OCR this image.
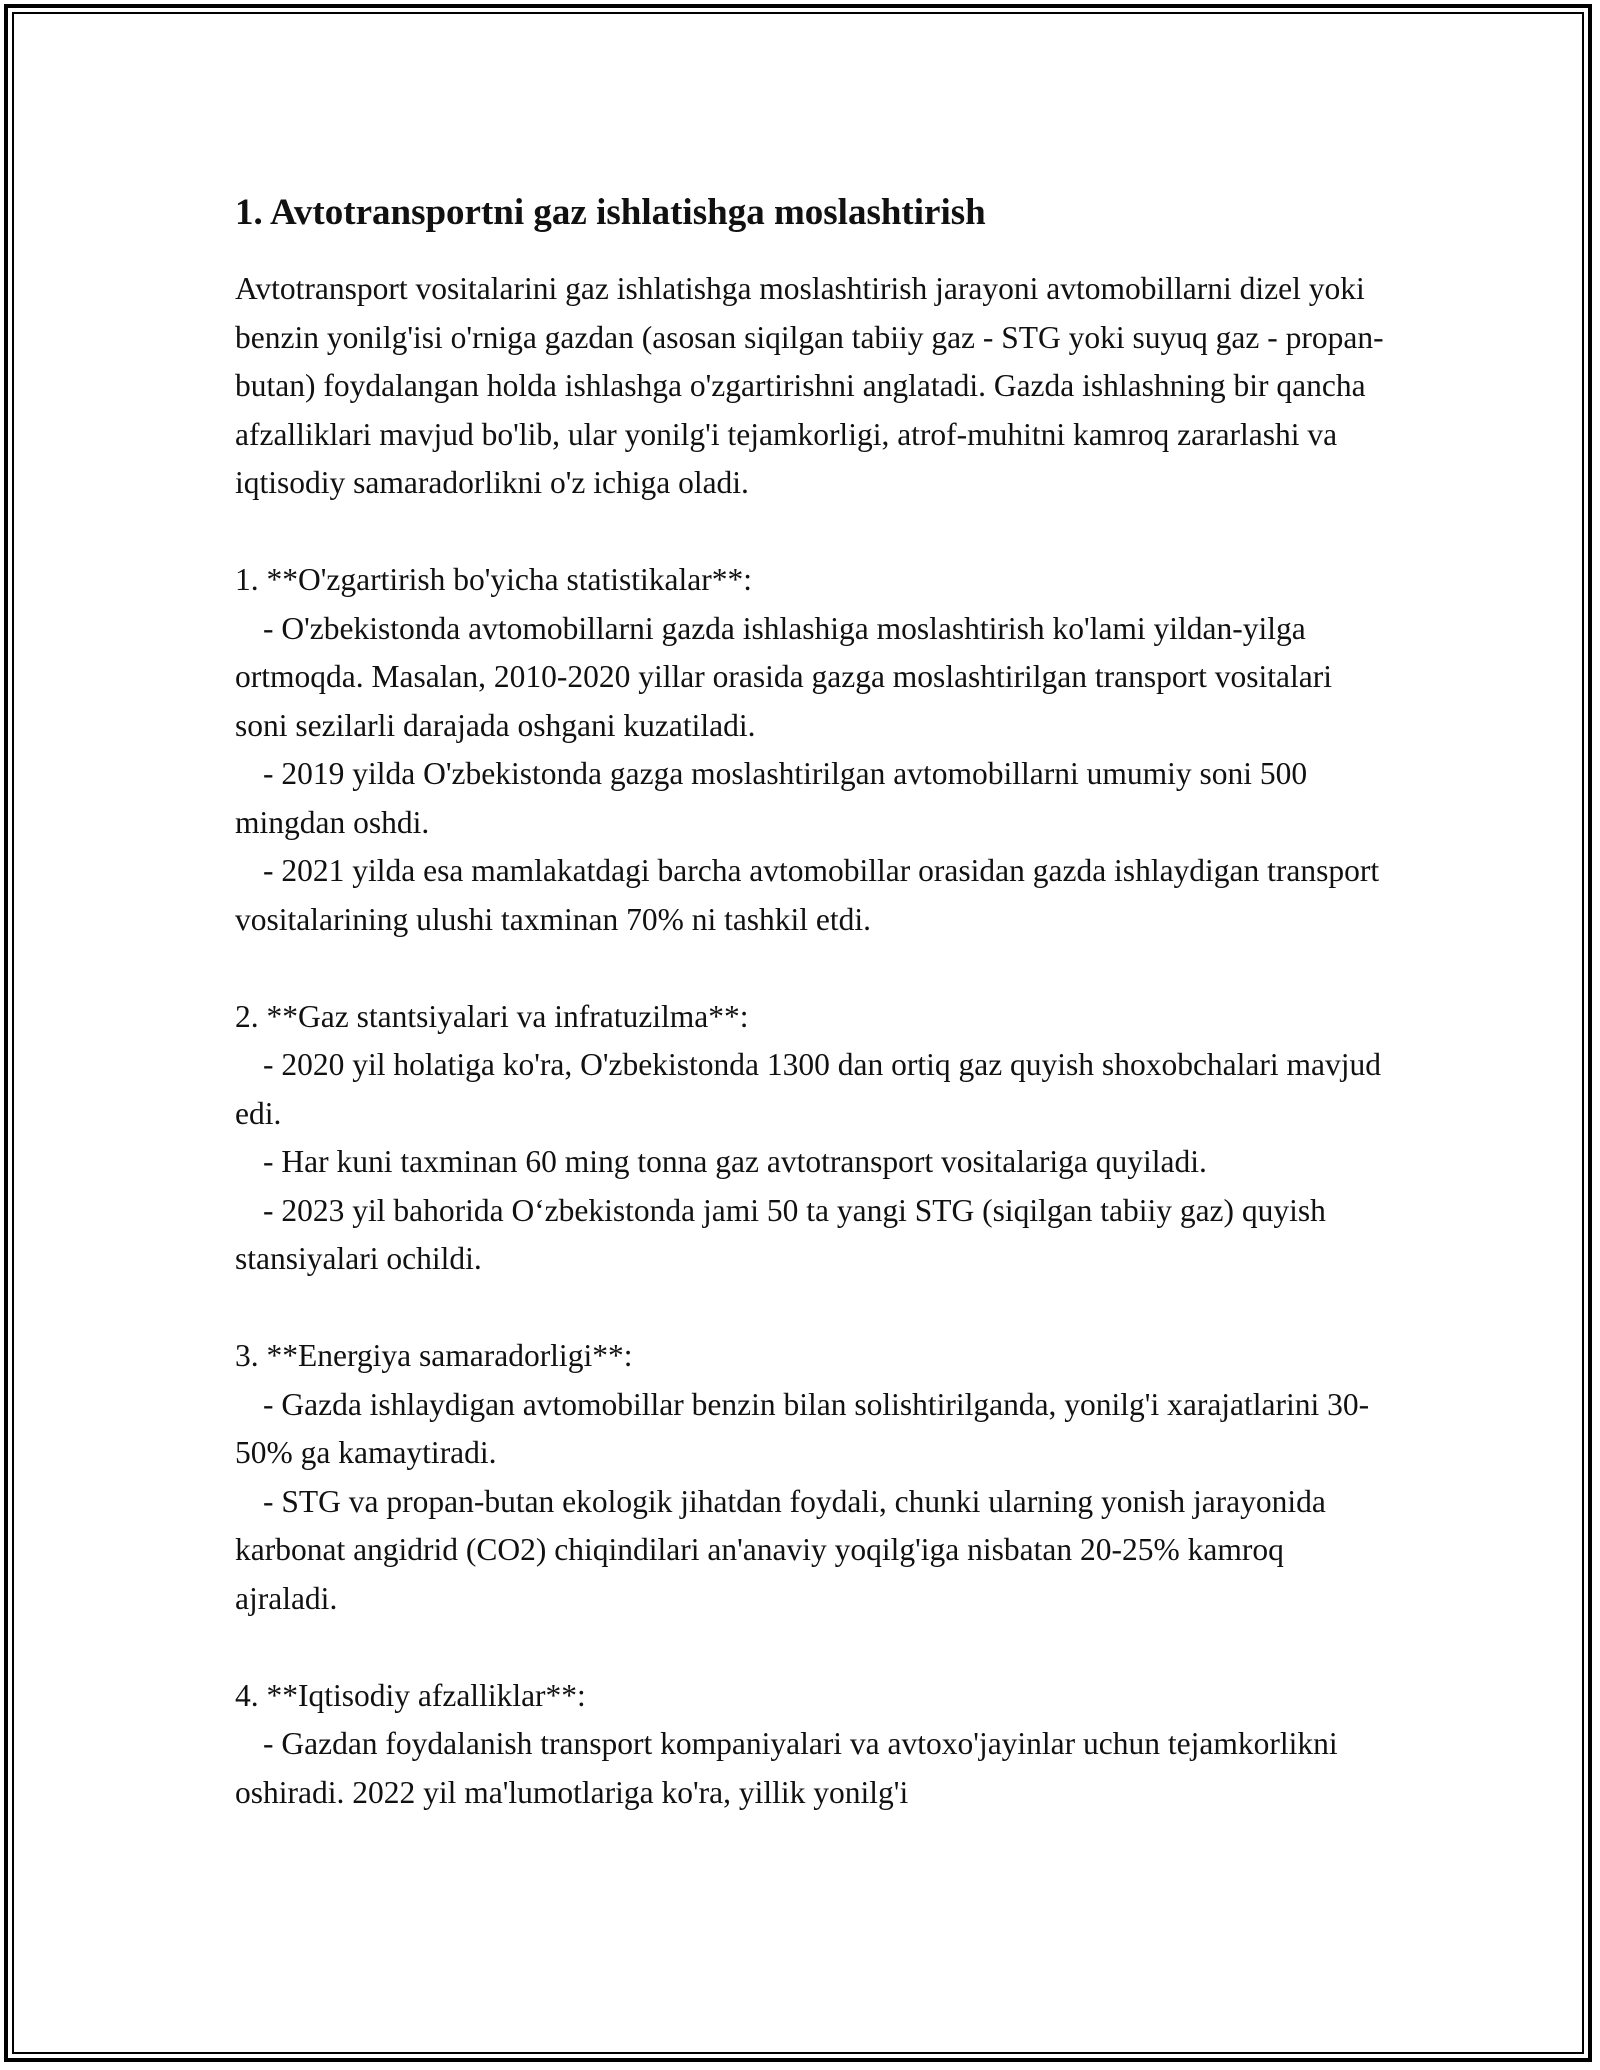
1. Avtotransportni gaz ishlatishga moslashtirish

Avtotransport vositalarini gaz ishlatishga moslashtirish jarayoni avtomobillarni dizel yoki benzin yonilg'isi o'rniga gazdan (asosan siqilgan tabiiy gaz - STG yoki suyuq gaz - propan-butan) foydalangan holda ishlashga o'zgartirishni anglatadi. Gazda ishlashning bir qancha afzalliklari mavjud bo'lib, ular yonilg'i tejamkorligi, atrof-muhitni kamroq zararlashi va iqtisodiy samaradorlikni o'z ichiga oladi.

1. **O'zgartirish bo'yicha statistikalar**:

- O'zbekistonda avtomobillarni gazda ishlashiga moslashtirish ko'lami yildan-yilga ortmoqda. Masalan, 2010-2020 yillar orasida gazga moslashtirilgan transport vositalari soni sezilarli darajada oshgani kuzatiladi.

- 2019 yilda O'zbekistonda gazga moslashtirilgan avtomobillarni umumiy soni 500 mingdan oshdi.

- 2021 yilda esa mamlakatdagi barcha avtomobillar orasidan gazda ishlaydigan transport vositalarining ulushi taxminan 70% ni tashkil etdi.

2. **Gaz stantsiyalari va infratuzilma**:

- 2020 yil holatiga ko'ra, O'zbekistonda 1300 dan ortiq gaz quyish shoxobchalari mavjud edi.

- Har kuni taxminan 60 ming tonna gaz avtotransport vositalariga quyiladi.

- 2023 yil bahorida O‘zbekistonda jami 50 ta yangi STG (siqilgan tabiiy gaz) quyish stansiyalari ochildi.

3. **Energiya samaradorligi**:

- Gazda ishlaydigan avtomobillar benzin bilan solishtirilganda, yonilg'i xarajatlarini 30-50% ga kamaytiradi.

- STG va propan-butan ekologik jihatdan foydali, chunki ularning yonish jarayonida karbonat angidrid (CO2) chiqindilari an'anaviy yoqilg'iga nisbatan 20-25% kamroq ajraladi.

4. **Iqtisodiy afzalliklar**:

- Gazdan foydalanish transport kompaniyalari va avtoxo'jayinlar uchun tejamkorlikni oshiradi. 2022 yil ma'lumotlariga ko'ra, yillik yonilg'i
